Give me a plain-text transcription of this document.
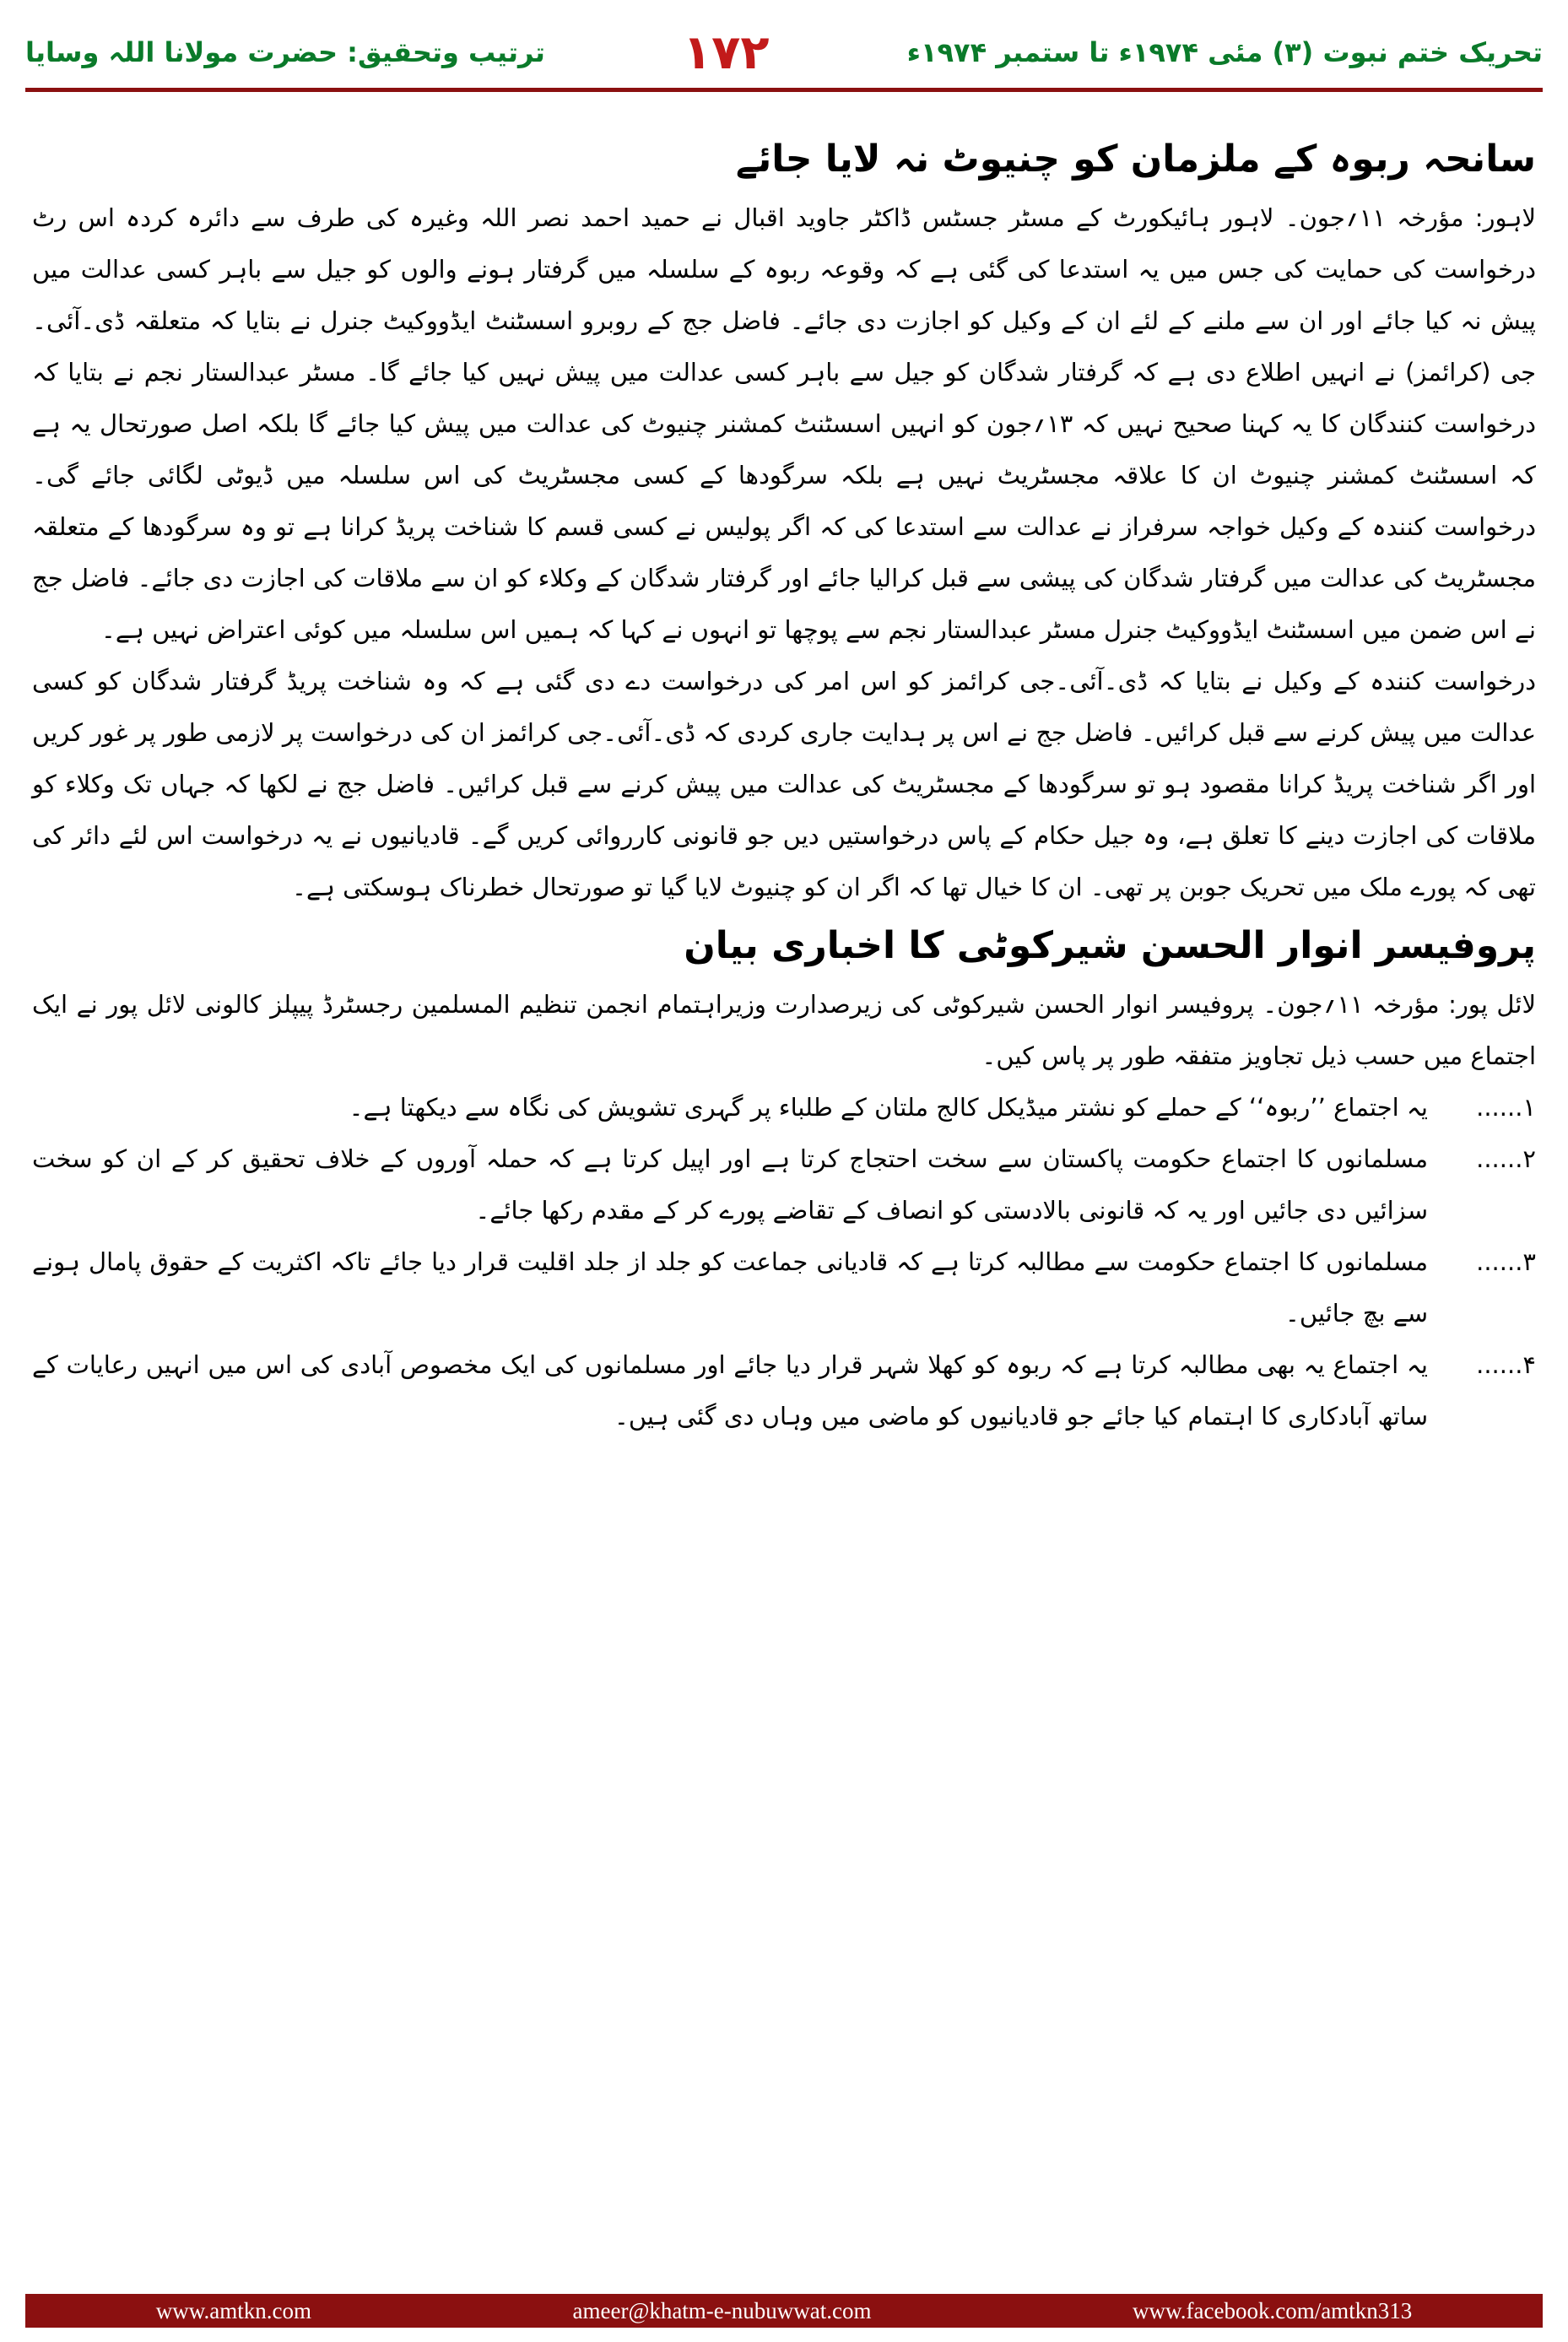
تحریک ختم نبوت (۳) مئی ۱۹۷۴ء تا ستمبر ۱۹۷۴ء
۱۷۲
ترتیب وتحقیق: حضرت مولانا اللہ وسایا
سانحہ ربوہ کے ملزمان کو چنیوٹ نہ لایا جائے

لاہور: مؤرخہ ۱۱؍جون۔ لاہور ہائیکورٹ کے مسٹر جسٹس ڈاکٹر جاوید اقبال نے حمید احمد نصر اللہ وغیرہ کی طرف سے دائرہ کردہ اس رٹ درخواست کی حمایت کی جس میں یہ استدعا کی گئی ہے کہ وقوعہ ربوہ کے سلسلہ میں گرفتار ہونے والوں کو جیل سے باہر کسی عدالت میں پیش نہ کیا جائے اور ان سے ملنے کے لئے ان کے وکیل کو اجازت دی جائے۔ فاضل جج کے روبرو اسسٹنٹ ایڈووکیٹ جنرل نے بتایا کہ متعلقہ ڈی۔آئی۔جی (کرائمز) نے انہیں اطلاع دی ہے کہ گرفتار شدگان کو جیل سے باہر کسی عدالت میں پیش نہیں کیا جائے گا۔ مسٹر عبدالستار نجم نے بتایا کہ درخواست کنندگان کا یہ کہنا صحیح نہیں کہ ۱۳؍جون کو انہیں اسسٹنٹ کمشنر چنیوٹ کی عدالت میں پیش کیا جائے گا بلکہ اصل صورتحال یہ ہے کہ اسسٹنٹ کمشنر چنیوٹ ان کا علاقہ مجسٹریٹ نہیں ہے بلکہ سرگودھا کے کسی مجسٹریٹ کی اس سلسلہ میں ڈیوٹی لگائی جائے گی۔ درخواست کنندہ کے وکیل خواجہ سرفراز نے عدالت سے استدعا کی کہ اگر پولیس نے کسی قسم کا شناخت پریڈ کرانا ہے تو وہ سرگودھا کے متعلقہ مجسٹریٹ کی عدالت میں گرفتار شدگان کی پیشی سے قبل کرالیا جائے اور گرفتار شدگان کے وکلاء کو ان سے ملاقات کی اجازت دی جائے۔ فاضل جج نے اس ضمن میں اسسٹنٹ ایڈووکیٹ جنرل مسٹر عبدالستار نجم سے پوچھا تو انہوں نے کہا کہ ہمیں اس سلسلہ میں کوئی اعتراض نہیں ہے۔

درخواست کنندہ کے وکیل نے بتایا کہ ڈی۔آئی۔جی کرائمز کو اس امر کی درخواست دے دی گئی ہے کہ وہ شناخت پریڈ گرفتار شدگان کو کسی عدالت میں پیش کرنے سے قبل کرائیں۔ فاضل جج نے اس پر ہدایت جاری کردی کہ ڈی۔آئی۔جی کرائمز ان کی درخواست پر لازمی طور پر غور کریں اور اگر شناخت پریڈ کرانا مقصود ہو تو سرگودھا کے مجسٹریٹ کی عدالت میں پیش کرنے سے قبل کرائیں۔ فاضل جج نے لکھا کہ جہاں تک وکلاء کو ملاقات کی اجازت دینے کا تعلق ہے، وہ جیل حکام کے پاس درخواستیں دیں جو قانونی کارروائی کریں گے۔ قادیانیوں نے یہ درخواست اس لئے دائر کی تھی کہ پورے ملک میں تحریک جوبن پر تھی۔ ان کا خیال تھا کہ اگر ان کو چنیوٹ لایا گیا تو صورتحال خطرناک ہوسکتی ہے۔

پروفیسر انوار الحسن شیرکوٹی کا اخباری بیان

لائل پور: مؤرخہ ۱۱؍جون۔ پروفیسر انوار الحسن شیرکوٹی کی زیرصدارت وزیراہتمام انجمن تنظیم المسلمین رجسٹرڈ پیپلز کالونی لائل پور نے ایک اجتماع میں حسب ذیل تجاویز متفقہ طور پر پاس کیں۔

۱......
یہ اجتماع ’’ربوہ‘‘ کے حملے کو نشتر میڈیکل کالج ملتان کے طلباء پر گہری تشویش کی نگاہ سے دیکھتا ہے۔
۲......
مسلمانوں کا اجتماع حکومت پاکستان سے سخت احتجاج کرتا ہے اور اپیل کرتا ہے کہ حملہ آوروں کے خلاف تحقیق کر کے ان کو سخت سزائیں دی جائیں اور یہ کہ قانونی بالادستی کو انصاف کے تقاضے پورے کر کے مقدم رکھا جائے۔
۳......
مسلمانوں کا اجتماع حکومت سے مطالبہ کرتا ہے کہ قادیانی جماعت کو جلد از جلد اقلیت قرار دیا جائے تاکہ اکثریت کے حقوق پامال ہونے سے بچ جائیں۔
۴......
یہ اجتماع یہ بھی مطالبہ کرتا ہے کہ ربوہ کو کھلا شہر قرار دیا جائے اور مسلمانوں کی ایک مخصوص آبادی کی اس میں انہیں رعایات کے ساتھ آبادکاری کا اہتمام کیا جائے جو قادیانیوں کو ماضی میں وہاں دی گئی ہیں۔
www.amtkn.com	ameer@khatm-e-nubuwwat.com	www.facebook.com/amtkn313
